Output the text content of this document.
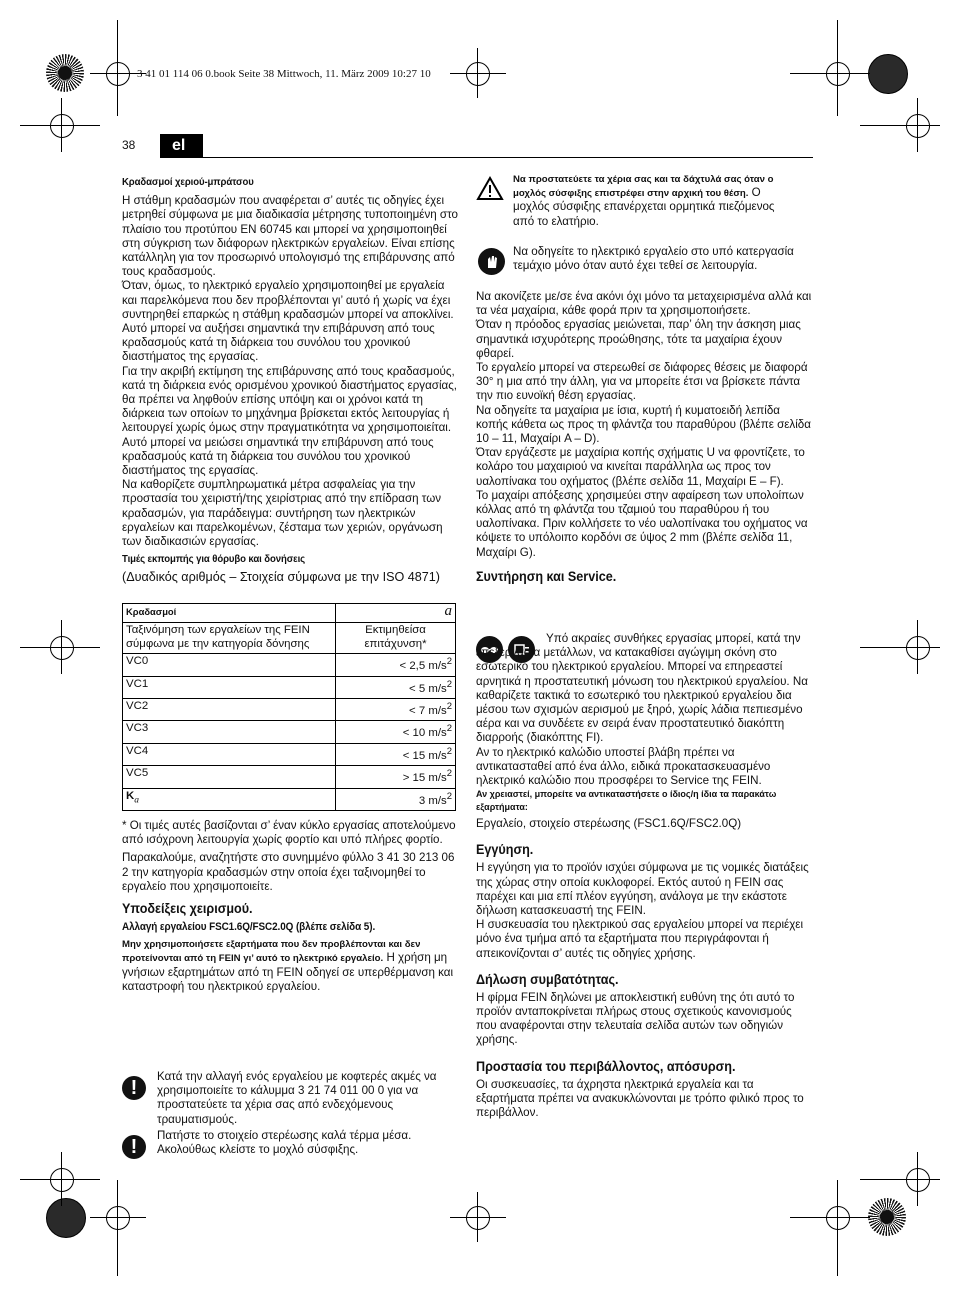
3 41 01 114 06 0.book Seite 38 Mittwoch, 11. März 2009 10:27 10
38	el

Κραδασμοί χεριού-μπράτσου

Η στάθμη κραδασμών που αναφέρεται σ’ αυτές τις οδηγίες έχει μετρηθεί σύμφωνα με μια διαδικασία μέτρησης τυποποιημένη στο πλαίσιο του προτύπου EN 60745 και μπορεί να χρησιμοποιηθεί στη σύγκριση των διάφορων ηλεκτρικών εργαλείων. Είναι επίσης κατάλληλη για τον προσωρινό υπολογισμό της επιβάρυνσης από τους κραδασμούς.

Όταν, όμως, το ηλεκτρικό εργαλείο χρησιμοποιηθεί με εργαλεία και παρελκόμενα που δεν προβλέπονται γι’ αυτό ή χωρίς να έχει συντηρηθεί επαρκώς η στάθμη κραδασμών μπορεί να αποκλίνει. Αυτό μπορεί να αυξήσει σημαντικά την επιβάρυνση από τους κραδασμούς κατά τη διάρκεια του συνόλου του χρονικού διαστήματος της εργασίας.

Για την ακριβή εκτίμηση της επιβάρυνσης από τους κραδασμούς, κατά τη διάρκεια ενός ορισμένου χρονικού διαστήματος εργασίας, θα πρέπει να ληφθούν επίσης υπόψη και οι χρόνοι κατά τη διάρκεια των οποίων το μηχάνημα βρίσκεται εκτός λειτουργίας ή λειτουργεί χωρίς όμως στην πραγματικότητα να χρησιμοποιείται. Αυτό μπορεί να μειώσει σημαντικά την επιβάρυνση από τους κραδασμούς κατά τη διάρκεια του συνόλου του χρονικού διαστήματος της εργασίας.

Να καθορίζετε συμπληρωματικά μέτρα ασφαλείας για την προστασία του χειριστή/της χειρίστριας από την επίδραση των κραδασμών, για παράδειγμα: συντήρηση των ηλεκτρικών εργαλείων και παρελκομένων, ζέσταμα των χεριών, οργάνωση των διαδικασιών εργασίας.

Τιμές εκπομπής για θόρυβο και δονήσεις

(Δυαδικός αριθμός – Στοιχεία σύμφωνα με την ISO 4871)

Κραδασμοί	a
Ταξινόμηση των εργαλείων της FEIN σύμφωνα με την κατηγορία δόνησης	Εκτιμηθείσα επιτάχυνση*
VC0	< 2,5 $m/s^2$
VC1	< 5 $m/s^2$
VC2	< 7 $m/s^2$
VC3	< 10 $m/s^2$
VC4	< 15 $m/s^2$
VC5	> 15 $m/s^2$
$K_a$	3 $m/s^2$

* Οι τιμές αυτές βασίζονται σ’ έναν κύκλο εργασίας αποτελούμενο από ισόχρονη λειτουργία χωρίς φορτίο και υπό πλήρες φορτίο.

Παρακαλούμε, αναζητήστε στο συνημμένο φύλλο 3 41 30 213 06 2 την κατηγορία κραδασμών στην οποία έχει ταξινομηθεί το εργαλείο που χρησιμοποιείτε.

Υποδείξεις χειρισμού.

Αλλαγή εργαλείου FSC1.6Q/FSC2.0Q (βλέπε σελίδα 5).

Μην χρησιμοποιήσετε εξαρτήματα που δεν προβλέπονται και δεν προτείνονται από τη FEIN γι’ αυτό το ηλεκτρικό εργαλείο. Η χρήση μη γνήσιων εξαρτημάτων από τη FEIN οδηγεί σε υπερθέρμανση και καταστροφή του ηλεκτρικού εργαλείου.

!
Κατά την αλλαγή ενός εργαλείου με κοφτερές ακμές να χρησιμοποιείτε το κάλυμμα 3 21 74 011 00 0 για να προστατεύετε τα χέρια σας από ενδεχόμενους τραυματισμούς.
!
Πατήστε το στοιχείο στερέωσης καλά τέρμα μέσα. Ακολούθως κλείστε το μοχλό σύσφιξης.
Να προστατεύετε τα χέρια σας και τα δάχτυλά σας όταν ο μοχλός σύσφιξης επιστρέφει στην αρχική του θέση. Ο μοχλός σύσφιξης επανέρχεται ορμητικά πιεζόμενος από το ελατήριο.
Να οδηγείτε το ηλεκτρικό εργαλείο στο υπό κατεργασία τεμάχιο μόνο όταν αυτό έχει τεθεί σε λειτουργία.

Να ακονίζετε με/σε ένα ακόνι όχι μόνο τα μεταχειρισμένα αλλά και τα νέα μαχαίρια, κάθε φορά πριν τα χρησιμοποιήσετε.

Όταν η πρόοδος εργασίας μειώνεται, παρ’ όλη την άσκηση μιας σημαντικά ισχυρότερης προώθησης, τότε τα μαχαίρια έχουν φθαρεί.

Το εργαλείο μπορεί να στερεωθεί σε διάφορες θέσεις με διαφορά 30° η μια από την άλλη, για να μπορείτε έτσι να βρίσκετε πάντα την πιο ευνοϊκή θέση εργασίας.

Να οδηγείτε τα μαχαίρια με ίσια, κυρτή ή κυματοειδή λεπίδα κοπής κάθετα ως προς τη φλάντζα του παραθύρου (βλέπε σελίδα 10 – 11, Μαχαίρι A – D).

Όταν εργάζεστε με μαχαίρια κοπής σχήματις U να φροντίζετε, το κολάρο του μαχαιριού να κινείται παράλληλα ως προς τον υαλοπίνακα του οχήματος (βλέπε σελίδα 11, Μαχαίρι E – F).

Το μαχαίρι απόξεσης χρησιμεύει στην αφαίρεση των υπολοίπων κόλλας από τη φλάντζα του τζαμιού του παραθύρου ή του υαλοπίνακα. Πριν κολλήσετε το νέο υαλοπίνακα του οχήματος να κόψετε το υπόλοιπο κορδόνι σε ύψος 2 mm (βλέπε σελίδα 11, Μαχαίρι G).

Συντήρηση και Service.

Υπό ακραίες συνθήκες εργασίας μπορεί, κατά την επεξεργασία μετάλλων, να κατακαθίσει αγώγιμη σκόνη στο εσωτερικό του ηλεκτρικού εργαλείου. Μπορεί να επηρεαστεί αρνητικά η προστατευτική μόνωση του ηλεκτρικού εργαλείου. Να καθαρίζετε τακτικά το εσωτερικό του ηλεκτρικού εργαλείου δια μέσου των σχισμών αερισμού με ξηρό, χωρίς λάδια πεπιεσμένο αέρα και να συνδέετε εν σειρά έναν προστατευτικό διακόπτη διαρροής (διακόπτης FI).

Αν το ηλεκτρικό καλώδιο υποστεί βλάβη πρέπει να αντικατασταθεί από ένα άλλο, ειδικά προκατασκευασμένο ηλεκτρικό καλώδιο που προσφέρει το Service της FEIN.

Αν χρειαστεί, μπορείτε να αντικαταστήσετε ο ίδιος/η ίδια τα παρακάτω εξαρτήματα:

Εργαλείο, στοιχείο στερέωσης (FSC1.6Q/FSC2.0Q)

Εγγύηση.

Η εγγύηση για το προϊόν ισχύει σύμφωνα με τις νομικές διατάξεις της χώρας στην οποία κυκλοφορεί. Εκτός αυτού η FEIN σας παρέχει και μια επί πλέον εγγύηση, ανάλογα με την εκάστοτε δήλωση κατασκευαστή της FEIN.

Η συσκευασία του ηλεκτρικού σας εργαλείου μπορεί να περιέχει μόνο ένα τμήμα από τα εξαρτήματα που περιγράφονται ή απεικονίζονται σ’ αυτές τις οδηγίες χρήσης.

Δήλωση συμβατότητας.

Η φίρμα FEIN δηλώνει με αποκλειστική ευθύνη της ότι αυτό το προϊόν ανταποκρίνεται πλήρως στους σχετικούς κανονισμούς που αναφέρονται στην τελευταία σελίδα αυτών των οδηγιών χρήσης.

Προστασία του περιβάλλοντος, απόσυρση.

Οι συσκευασίες, τα άχρηστα ηλεκτρικά εργαλεία και τα εξαρτήματα πρέπει να ανακυκλώνονται με τρόπο φιλικό προς το περιβάλλον.
